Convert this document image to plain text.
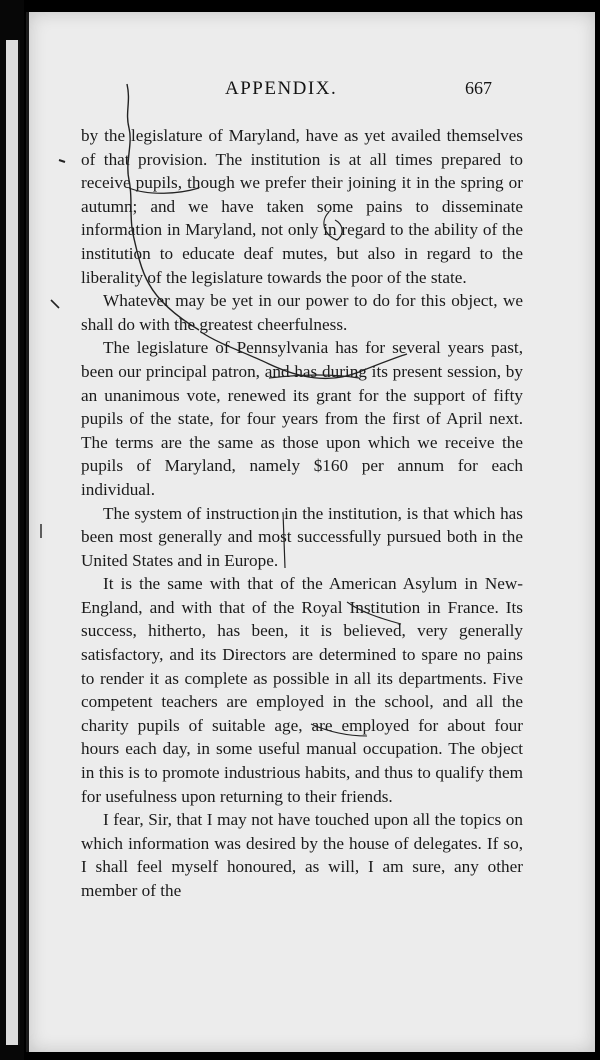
APPENDIX.	667

by the legislature of Maryland, have as yet availed themselves of that provision. The institution is at all times prepared to receive pupils, though we prefer their joining it in the spring or autumn; and we have taken some pains to disseminate information in Maryland, not only in regard to the ability of the institution to educate deaf mutes, but also in regard to the liberality of the legislature towards the poor of the state.

Whatever may be yet in our power to do for this object, we shall do with the greatest cheerfulness.

The legislature of Pennsylvania has for several years past, been our principal patron, and has during its present session, by an unanimous vote, renewed its grant for the support of fifty pupils of the state, for four years from the first of April next. The terms are the same as those upon which we receive the pupils of Maryland, namely $160 per annum for each individual.

The system of instruction in the institution, is that which has been most generally and most successfully pursued both in the United States and in Europe.

It is the same with that of the American Asylum in New-England, and with that of the Royal Institution in France. Its success, hitherto, has been, it is believed, very generally satisfactory, and its Directors are determined to spare no pains to render it as complete as possible in all its departments. Five competent teachers are employed in the school, and all the charity pupils of suitable age, are employed for about four hours each day, in some useful manual occupation. The object in this is to promote industrious habits, and thus to qualify them for usefulness upon returning to their friends.

I fear, Sir, that I may not have touched upon all the topics on which information was desired by the house of delegates. If so, I shall feel myself honoured, as will, I am sure, any other member of the
